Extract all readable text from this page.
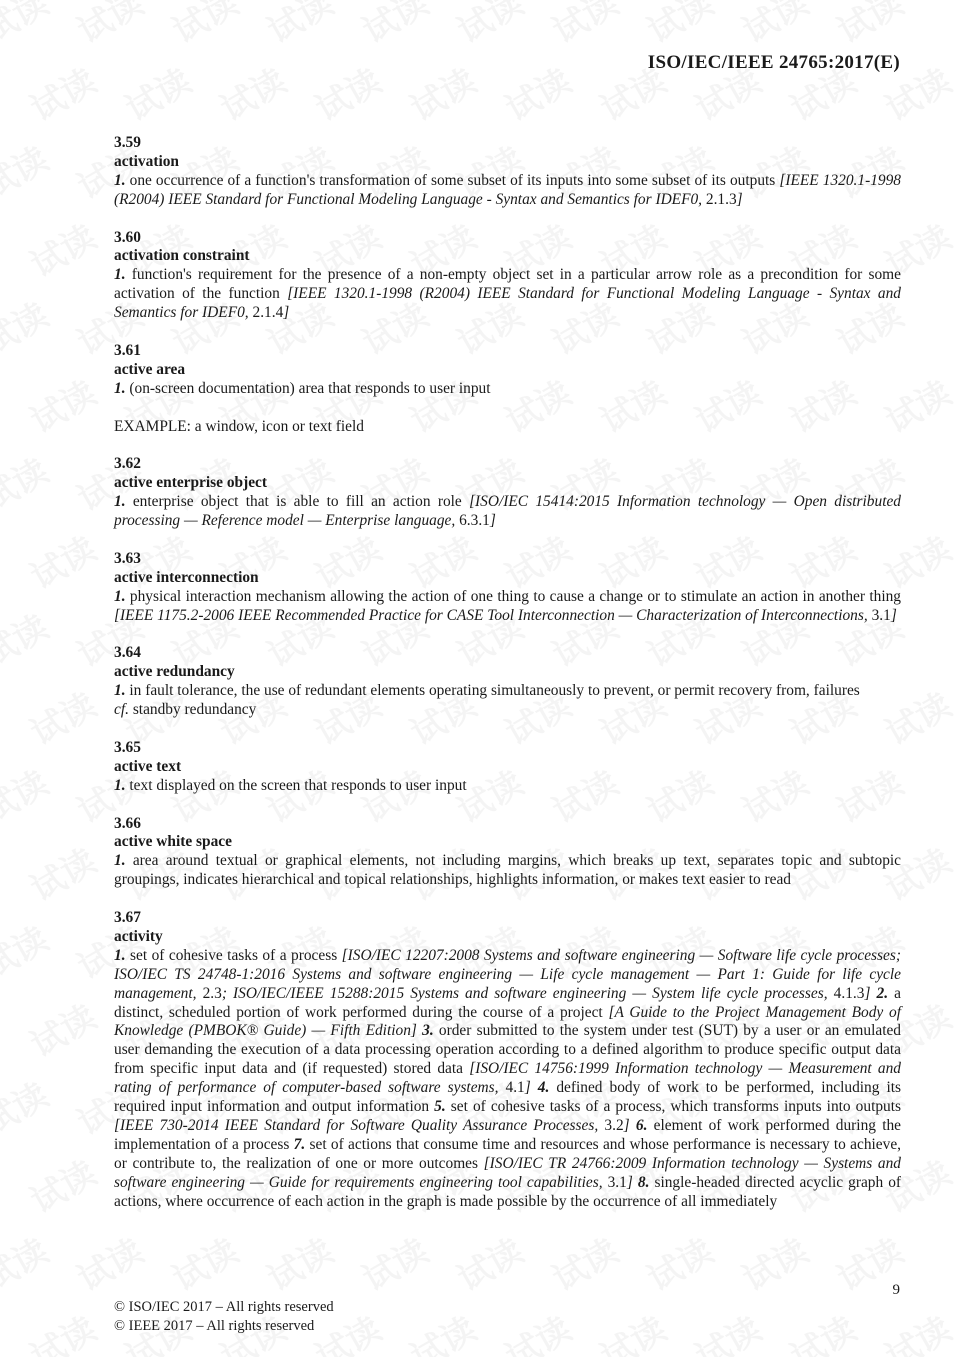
ISO/IEC/IEEE 24765:2017(E)
3.59
activation
1. one occurrence of a function's transformation of some subset of its inputs into some subset of its outputs [IEEE 1320.1-1998 (R2004) IEEE Standard for Functional Modeling Language - Syntax and Semantics for IDEF0, 2.1.3]
3.60
activation constraint
1. function's requirement for the presence of a non-empty object set in a particular arrow role as a precondition for some activation of the function [IEEE 1320.1-1998 (R2004) IEEE Standard for Functional Modeling Language - Syntax and Semantics for IDEF0, 2.1.4]
3.61
active area
1. (on-screen documentation) area that responds to user input
EXAMPLE: a window, icon or text field
3.62
active enterprise object
1. enterprise object that is able to fill an action role [ISO/IEC 15414:2015 Information technology — Open distributed processing — Reference model — Enterprise language, 6.3.1]
3.63
active interconnection
1. physical interaction mechanism allowing the action of one thing to cause a change or to stimulate an action in another thing [IEEE 1175.2-2006 IEEE Recommended Practice for CASE Tool Interconnection — Characterization of Interconnections, 3.1]
3.64
active redundancy
1. in fault tolerance, the use of redundant elements operating simultaneously to prevent, or permit recovery from, failures
cf. standby redundancy
3.65
active text
1. text displayed on the screen that responds to user input
3.66
active white space
1. area around textual or graphical elements, not including margins, which breaks up text, separates topic and subtopic groupings, indicates hierarchical and topical relationships, highlights information, or makes text easier to read
3.67
activity
1. set of cohesive tasks of a process [ISO/IEC 12207:2008 Systems and software engineering — Software life cycle processes; ISO/IEC TS 24748-1:2016 Systems and software engineering — Life cycle management — Part 1: Guide for life cycle management, 2.3; ISO/IEC/IEEE 15288:2015 Systems and software engineering — System life cycle processes, 4.1.3] 2. a distinct, scheduled portion of work performed during the course of a project [A Guide to the Project Management Body of Knowledge (PMBOK® Guide) — Fifth Edition] 3. order submitted to the system under test (SUT) by a user or an emulated user demanding the execution of a data processing operation according to a defined algorithm to produce specific output data from specific input data and (if requested) stored data [ISO/IEC 14756:1999 Information technology — Measurement and rating of performance of computer-based software systems, 4.1] 4. defined body of work to be performed, including its required input information and output information 5. set of cohesive tasks of a process, which transforms inputs into outputs [IEEE 730-2014 IEEE Standard for Software Quality Assurance Processes, 3.2] 6. element of work performed during the implementation of a process 7. set of actions that consume time and resources and whose performance is necessary to achieve, or contribute to, the realization of one or more outcomes [ISO/IEC TR 24766:2009 Information technology — Systems and software engineering — Guide for requirements engineering tool capabilities, 3.1] 8. single-headed directed acyclic graph of actions, where occurrence of each action in the graph is made possible by the occurrence of all immediately
9
© ISO/IEC 2017 – All rights reserved
© IEEE 2017 – All rights reserved
